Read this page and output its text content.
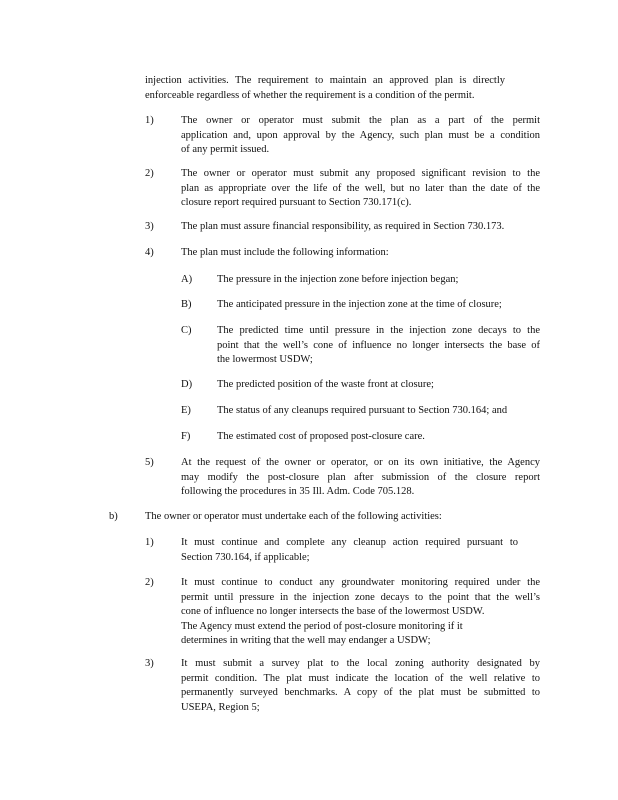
injection activities. The requirement to maintain an approved plan is directly
enforceable regardless of whether the requirement is a condition of the permit.
1)	The owner or operator must submit the plan as a part of the permit
application and, upon approval by the Agency, such plan must be a condition
of any permit issued.
2)	The owner or operator must submit any proposed significant revision to the
plan as appropriate over the life of the well, but no later than the date of the
closure report required pursuant to Section 730.171(c).
3)	The plan must assure financial responsibility, as required in Section 730.173.
4)	The plan must include the following information:
A) The pressure in the injection zone before injection began;
B) The anticipated pressure in the injection zone at the time of closure;
C) The predicted time until pressure in the injection zone decays to the
point that the well’s cone of influence no longer intersects the base of
the lowermost USDW;
D) The predicted position of the waste front at closure;
E) The status of any cleanups required pursuant to Section 730.164; and
F)	The estimated cost of proposed post-closure care.
5)	At the request of the owner or operator, or on its own initiative, the Agency
may modify the post-closure plan after submission of the closure report
following the procedures in 35 Ill. Adm. Code 705.128.
b)	The owner or operator must undertake each of the following activities:
1)	It must continue and complete any cleanup action required pursuant to
Section 730.164, if applicable;
2)	It must continue to conduct any groundwater monitoring required under the
permit until pressure in the injection zone decays to the point that the well’s
cone of influence no longer intersects the base of the lowermost USDW.
The Agency must extend the period of post-closure monitoring if it
determines in writing that the well may endanger a USDW;
3)	It must submit a survey plat to the local zoning authority designated by
permit condition. The plat must indicate the location of the well relative to
permanently surveyed benchmarks. A copy of the plat must be submitted to
USEPA, Region 5;
